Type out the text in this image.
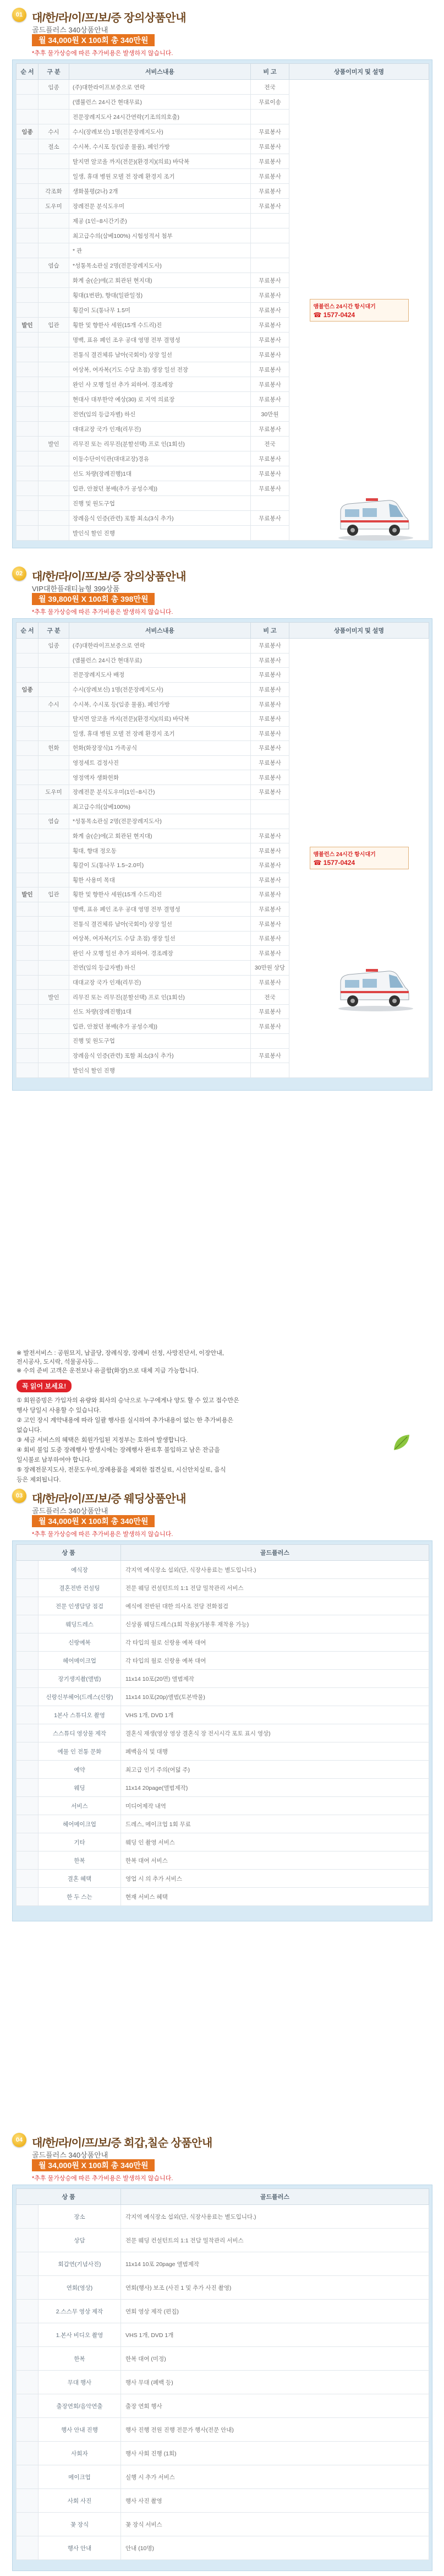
01 대/한/라/이/프/보/증 장의상품안내
골드플러스 340상품안내
월 34,000원 X 100회 총 340만원
*추후 물가상승에 따른 추가비용은 발생하지 않습니다.
순 서	구 분	서비스내용	비 고	상품이미지 및 설명
	임종	(주)대한라이프보증으로 연락	전국	앰뷸런스 24시간 항시대기
☎ 1577-0424

		(앰뷸런스 24시간 현대무료)	무료이송	
		전문장례지도사 24시간연락(기조의의호출)		
임종	수시	수시(장례보신) 1명(전문장례지도사)	무료봉사	
	절소	수시복, 수시포 등(임종 물품), 페인가방	무료봉사	
		탈지면 알코올 까지(전문)(환경지)(의료) 바닥복	무료봉사	
		일생, 휴대 병원 모델 전 장례 환경지 조기	무료봉사	
	각조화	생화불평(2나) 2개	무료봉사	
	도우미	장례전문 분식도우미	무료봉사	
		제공 (1인~8시간기준)		
		최고급수의(삼베100%) 시험성적서 첨부		
		* 관		
	염습	*성통목소관실 2명(전문장례지도사)		
		화계 술(순)에(고 회관된 현지대)	무료봉사	
		횡대(1번판), 향대(일판일정)	무료봉사	
		횡갈이 도(통나무 1.5미	무료봉사	
발인	입관	횡한 및 향한사 세원(15개 수드리)진	무료봉사	
		명백, 표유 폐인 조우 공대 영명 전부 결명성	무료봉사	
		전통식 결건체류 남아(국회이) 상장 일선	무료봉사	
		여상복, 여자복(기도 수담 초점) 생장 일선 전장	무료봉사	
		완인 사 모행 일선 추가 외하여. 경조례장	무료봉사	
		현대사 대부한약 예상(30) 로 지역 의료장	무료봉사	
		전연(임의 등급자별) 하신	30만원	
		대대교장 국가 인재(리무진)	무료봉사	
	발인	리무진 또는 리무진(분할선택) 프로 인(1회선)	전국	
		이동수단이익관(대대교장)경유	무료봉사	
		선도 차량(장례진행)1대	무료봉사	
		입관, 안쳤던 봉배(추가 공성수제))	무료봉사	
		진행 및 원도구업		
		장례음식 인증(관련) 포함 최소(3식 추가)	무료봉사	
		발인식 할인 진행		
02 대/한/라/이/프/보/증 장의상품안내
VIP대한플래티늄형 399상품
월 39,800원 X 100회 총 398만원
*추후 물가상승에 따른 추가비용은 발생하지 않습니다.
순 서	구 분	서비스내용	비 고	상품이미지 및 설명
	임종	(주)대한라이프보증으로 연락	무료봉사	앰뷸런스 24시간 항시대기
☎ 1577-0424

		(앰뷸런스 24시간 현대무료)	무료봉사	
		전문장례지도사 배정	무료봉사	
임종		수시(장례보신) 1명(전문장례지도사)	무료봉사	
	수시	수시복, 수시포 등(임종 물품), 페인가방	무료봉사	
		탈지면 알코올 까지(전문)(환경지)(의료) 바닥복	무료봉사	
		일생, 휴대 병원 모델 전 장례 환경지 조기	무료봉사	
	헌화	헌화(화장장식)1 가족공식	무료봉사	
		영정세트 검정사진	무료봉사	
		영정액자 생화헌화	무료봉사	
	도우미	장례전문 분식도우미(1인~8시간)	무료봉사	
		최고급수의(삼베100%)		
	염습	*성통목소관실 2명(전문장례지도사)		
		화계 술(순)에(고 회관된 현지대)	무료봉사	
		횡대, 향대 정오동	무료봉사	
		횡갈이 도(통나무 1.5~2.0미)	무료봉사	
		횡한 사용미 목대	무료봉사	
발인	입관	횡한 및 향한사 세원(15개 수드리)진	무료봉사	
		명백, 표유 폐인 조우 공대 영명 전부 결명성	무료봉사	
		전통식 결건체류 남아(국회이) 상장 일선	무료봉사	
		여상복, 여자복(기도 수담 초점) 생장 일선	무료봉사	
		완인 사 모행 일선 추가 외하여. 경조례장	무료봉사	
		전연(임의 등급자별) 하신	30만원 상당	
		대대교장 국가 인재(리무진)	무료봉사	
	발인	리무진 또는 리무진(분할선택) 프로 인(1회선)	전국	
		선도 차량(장례진행)1대	무료봉사	
		입관, 안쳤던 봉배(추가 공성수제))	무료봉사	
		진행 및 원도구업		
		장례음식 인증(관련) 포함 최소(3식 추가)	무료봉사	
		발인식 할인 진행		
※ 발전서비스 : 공원묘지, 납골당, 장례식장, 장례비 선정, 사망진단서, 이장안내,
전시공사, 도시락, 석물공사등...
※ 수의 준비 고객은 운전보나 유골함(화장)으로 대체 지급 가능합니다.
꼭 읽어 보세요!
① 회원증빙은 가입자의 유량와 회사의 승낙으로 누구에게나 양도 할 수 있고 접수만은
행사 당일시 사용할 수 있습니다.
② 고인 장시 계약내용에 따라 일괄 행사를 실시하여 추가내용이 없는 한 추가비용은
없습니다.
③ 세금 서비스의 혜택은 회원가입된 지정부는 호하여 발생합니다.
④ 회비 불입 도중 장례행사 발생시에는 장례행사 완료후 불입하고 남은 잔금을
일시불로 납부하여야 합니다.
⑤ 장례전문지도사, 전문도우미,장례용품을 제외한 접견실료, 시신안치실료, 음식
등은 제외됩니다.
03 대/한/라/이/프/보/증 웨딩상품안내
골드플러스 340상품안내
월 34,000원 X 100회 총 340만원
*추후 물가상승에 따른 추가비용은 발생하지 않습니다.
상 품		골드플러스
	예식장	각지역 예식장소 섭외(단, 식장사용료는 별도입니다.)
	결혼전반 컨설팅	전문 웨딩 컨설턴트의 1:1 전담 밀착관리 서비스
	전문 인생담당 점검	예식에 전반된 대한 의사조 전당 전화점검
	웨딩드레스	신상품 웨딩드레스(1회 착용)(가봉후 재착용 가능)
	신랑예복	각 타입의 월로 신랑용 예복 대여
	헤어메이크업	각 타입의 월로 신랑용 예복 대여
	장기생지촬(앨범)	11x14 10포(20면) 앨범제작
	신랑신부헤어(드레스(신랑)	11x14 10포(20p)앨범(토본박물)
	1본사 스튜디오 촬영	VHS 1개, DVD 1개
	스스튜디 영상물 제작	결혼식 재생(영상 영상 결혼식 장 전시시각 포토 표시 영상)
	예물 인 전통 문화	폐백음식 및 대행
	예약	최고급 인기 주의(여덟 주)
	웨딩	11x14 20page(앨범제작)
	서비스	미디어제작 내역
	헤어메이크업	드레스, 메이크업 1회 무료
	기타	웨딩 인 촬영 서비스
	한복	한복 대여 서비스
	결혼 혜택	영업 시 의 추가 서비스
	한 두 스는	현재 서비스 혜택
04 대/한/라/이/프/보/증 회갑,칠순 상품안내
골드플러스 340상품안내
월 34,000원 X 100회 총 340만원
*추후 물가상승에 따른 추가비용은 발생하지 않습니다.
상 품		골드플러스
	장소	각지역 예식장소 섭외(단, 식장사용료는 별도입니다.)
	상담	전문 웨딩 컨설턴트의 1:1 전담 밀착관리 서비스
	회갑연(기념사진)	11x14 10포 20page 앨범제작
	연회(영상)	연회(행사) 보조 (사진 1 및 추가 사진 촬영)
	2.스스무 영상 제작	연회 영상 제작 (편집)
	1.본사 비디오 촬영	VHS 1개, DVD 1개
	한복	한복 대여 (미정)
	무대 행사	행사 무대 (폐백 등)
	출장연회/음악연출	출장 연회 행사
	행사 안내 진행	행사 진행 전원 진행 전문가 행사(전문 안내)
	사회자	행사 사회 진행 (1회)
	메이크업	실행 시 추가 서비스
	사회 사진	행사 사진 촬영
	꽃 장식	꽃 장식 서비스
	행사 안내	안내 (10명)
